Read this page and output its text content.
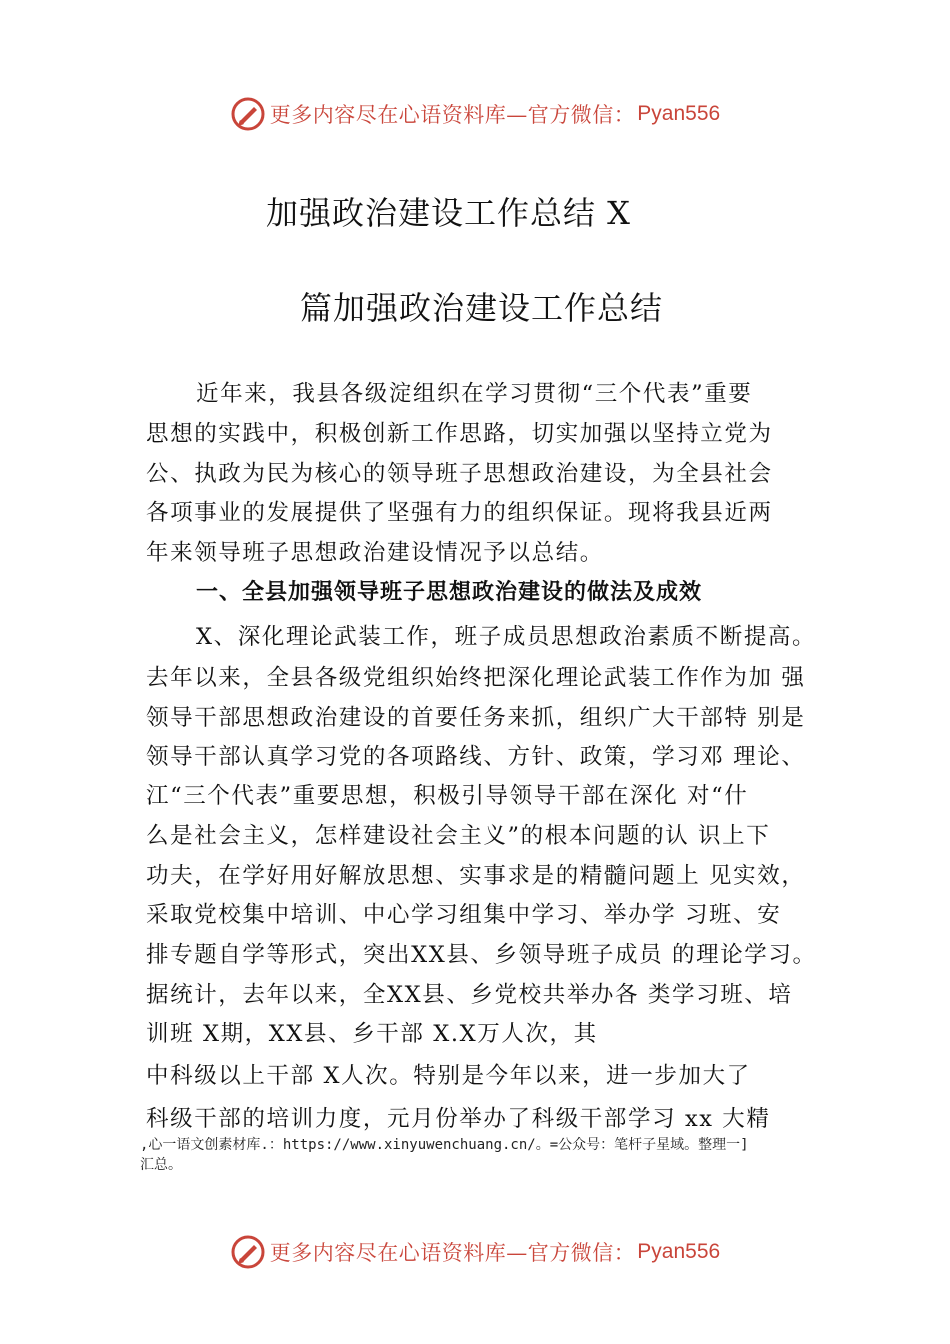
更多内容尽在心语资料库—官方微信： Pyan556
加强政治建设工作总结 X
篇加强政治建设工作总结
近年来，我县各级淀组织在学习贯彻“三个代表”重要
思想的实践中，积极创新工作思路，切实加强以坚持立党为
公、执政为民为核心的领导班子思想政治建设，为全县社会
各项事业的发展提供了坚强有力的组织保证。现将我县近两
年来领导班子思想政治建设情况予以总结。
一、全县加强领导班子思想政治建设的做法及成效
X、深化理论武装工作，班子成员思想政治素质不断提高。
去年以来，全县各级党组织始终把深化理论武装工作作为加 强
领导干部思想政治建设的首要任务来抓，组织广大干部特 别是
领导干部认真学习党的各项路线、方针、政策，学习邓 理论、
江“三个代表”重要思想，积极引导领导干部在深化 对“什
么是社会主义，怎样建设社会主义”的根本问题的认 识上下
功夫，在学好用好解放思想、实事求是的精髓问题上 见实效，
采取党校集中培训、中心学习组集中学习、举办学 习班、安
排专题自学等形式，突出XX县、乡领导班子成员 的理论学习。
据统计，去年以来，全XX县、乡党校共举办各 类学习班、培
训班 X期，XX县、乡干部 X.X万人次，其
中科级以上干部 X人次。特别是今年以来，进一步加大了
科级干部的培训力度，元月份举办了科级干部学习 xx 大精
,心一语文创素材库.：https://www.xinyuwenchuang.cn/。=公众号：笔杆子星域。整理一]
汇总。
更多内容尽在心语资料库—官方微信： Pyan556
